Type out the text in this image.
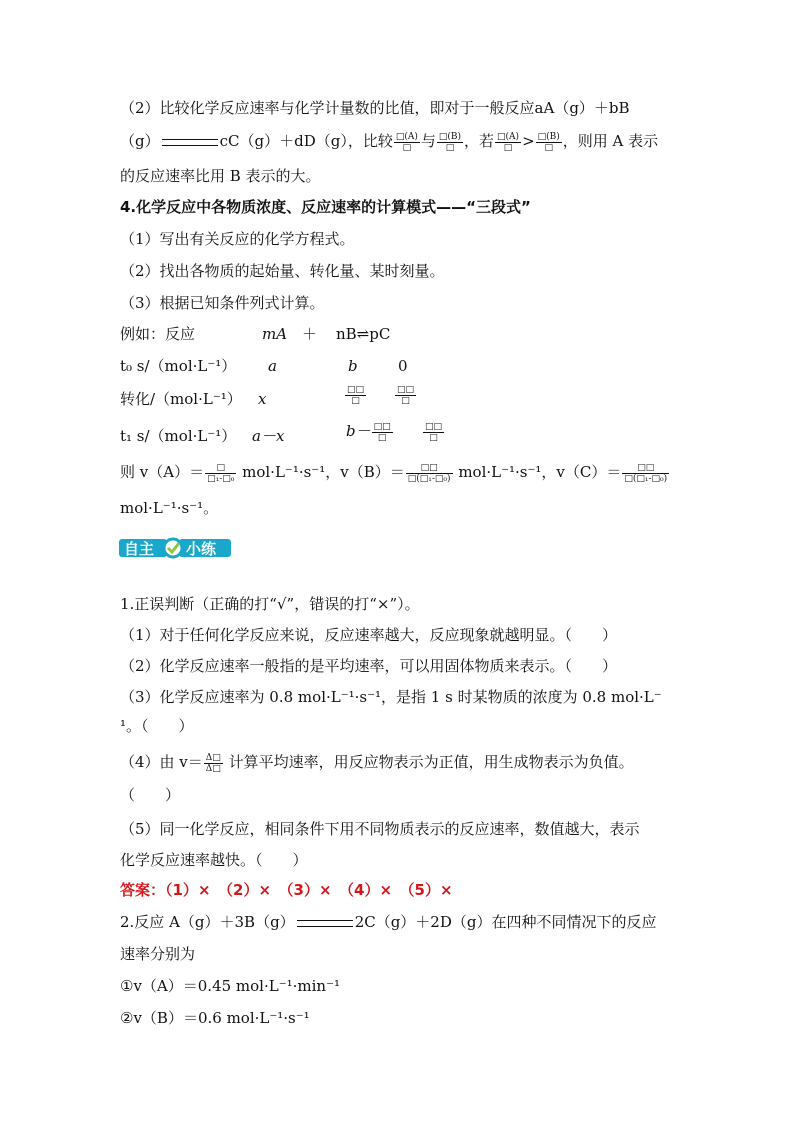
（2）比较化学反应速率与化学计量数的比值，即对于一般反应aA（g）＋bB
（g）	cC（g）＋dD（g），比较 $\frac{□(A)}{□}$ 与 $\frac{□(B)}{□}$ ，若 $\frac{□(A)}{□} > \frac{□(B)}{□}$ ，则用 A 表示
的反应速率比用 B 表示的大。
4.化学反应中各物质浓度、反应速率的计算模式——“三段式”
（1）写出有关反应的化学方程式。
（2）找出各物质的起始量、转化量、某时刻量。
（3）根据已知条件列式计算。
例如：反应	mA ＋ nB⇌pC
t₀ s/（mol·L⁻¹） a	b	0
转化/（mol·L⁻¹） x	$\frac{□□}{□}$	$\frac{□□}{□}$
t₁ s/（mol·L⁻¹） a－x	$b- \frac{□□}{□}$	$\frac{□□}{□}$
则 $v(A)= \frac{□}{\text{□₁-□₀}} mol\cdot L^{-1}\cdot s^{-1}$，$v(B)= \frac{□□}{\text{□(□₁-□₀)}} mol\cdot L^{-1}\cdot s^{-1}$，$v(C)= \frac{□□}{\text{□(□₁-□₀)}}$
mol·L⁻¹·s⁻¹。
自主 小练
1.正误判断（正确的打“√”，错误的打“×”）。
（1）对于任何化学反应来说，反应速率越大，反应现象就越明显。（　　）
（2）化学反应速率一般指的是平均速率，可以用固体物质来表示。（　　）
（3）化学反应速率为 0.8 mol·L⁻¹·s⁻¹，是指 1 s 时某物质的浓度为 0.8 mol·L⁻
¹。（　　）
（4）由 $v= \frac{\Delta□}{\Delta□}$ 计算平均速率，用反应物表示为正值，用生成物表示为负值。
（　　）
（5）同一化学反应，相同条件下用不同物质表示的反应速率，数值越大，表示
化学反应速率越快。（　　）
答案：（1）×　（2）×　（3）×　（4）×　（5）×
2.反应 A（g）＋3B（g）	2C（g）＋2D（g）在四种不同情况下的反应
速率分别为
①v（A）＝0.45 mol·L⁻¹·min⁻¹
②v（B）＝0.6 mol·L⁻¹·s⁻¹
